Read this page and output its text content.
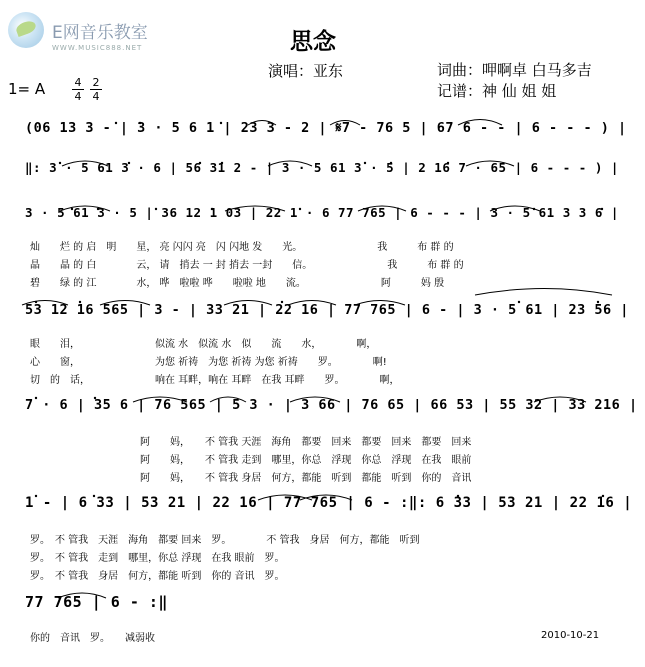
E网音乐教室
WWW.MUSIC888.NET	思念
演唱：亚东	词曲：呷啊卓 白马多吉
记谱：神 仙 姐 姐
1= A	4
4
2
4
(06 13 3 - | 3 · 5 6 1 | 23 3 - 2 | 𝄋7 - 76 5 | 67 6 - - | 6 - - - ) |
‖: 3 · 5 61 3 · 6 | 56 31 2 - | 3 · 5 61 3 · 5 | 2 16 7 · 65 | 6 - - - ) |
3 · 5 61 3 · 5 | 36 12 1 03 | 22 1 · 6 77 765 | 6 - - - | 3 · 5 61 3 3 6 |
53 12 16 565 | 3 - | 33 21 | 22 16 | 77 765 | 6 - | 3 · 5 61 | 23 56 |
7 · 6 | 35 6 | 76 565 | 5 3 · | 3 66 | 76 65 | 66 53 | 55 32 | 33 216 |
1 - | 6 33 | 53 21 | 22 16 | 77 765 | 6 - :‖: 6 33 | 53 21 | 22 16 |
77 765 | 6 - :‖
灿　　烂 的 启　明　　星， 亮 闪闪 亮　闪 闪地 发　　光。　　　　　　　　我　　　布 群 的
晶　　晶 的 白　　　　云， 请　捎去 一 封 捎去 一封　　信。　　　　　　　　我　　　布 群 的
碧　　绿 的 江　　　　水， 哗　啦啦 哗　　啦啦 地　　流。　　　　　　　　阿　　　妈 殷
眼　　泪，　　　　　　　　似流 水　似流 水　似　　流　　水，　　　　啊，
心　　窗，　　　　　　　　为您 祈祷　为您 祈祷 为您 祈祷　　罗。　　　　啊!
切　的　话，　　　　　　　响在 耳畔，响在 耳畔　在我 耳畔　　罗。　　　　啊，
阿　　妈，　　不 管我 天涯　海角　都要　回来　都要　回来　都要　回来
阿　　妈，　　不 管我 走到　哪里，你总　浮现　你总　浮现　在我　眼前
阿　　妈，　　不 管我 身居　何方，都能　听到　都能　听到　你的　音讯
罗。　不 管我　天涯　海角　都要 回来　罗。　　　　不 管我　身居　何方，都能　听到
罗。　不 管我　走到　哪里，你总 浮现　在我 眼前　罗。
罗。　不 管我　身居　何方，都能 听到　你的 音讯　罗。
你的　音讯　罗。　　减弱收	2010-10-21
